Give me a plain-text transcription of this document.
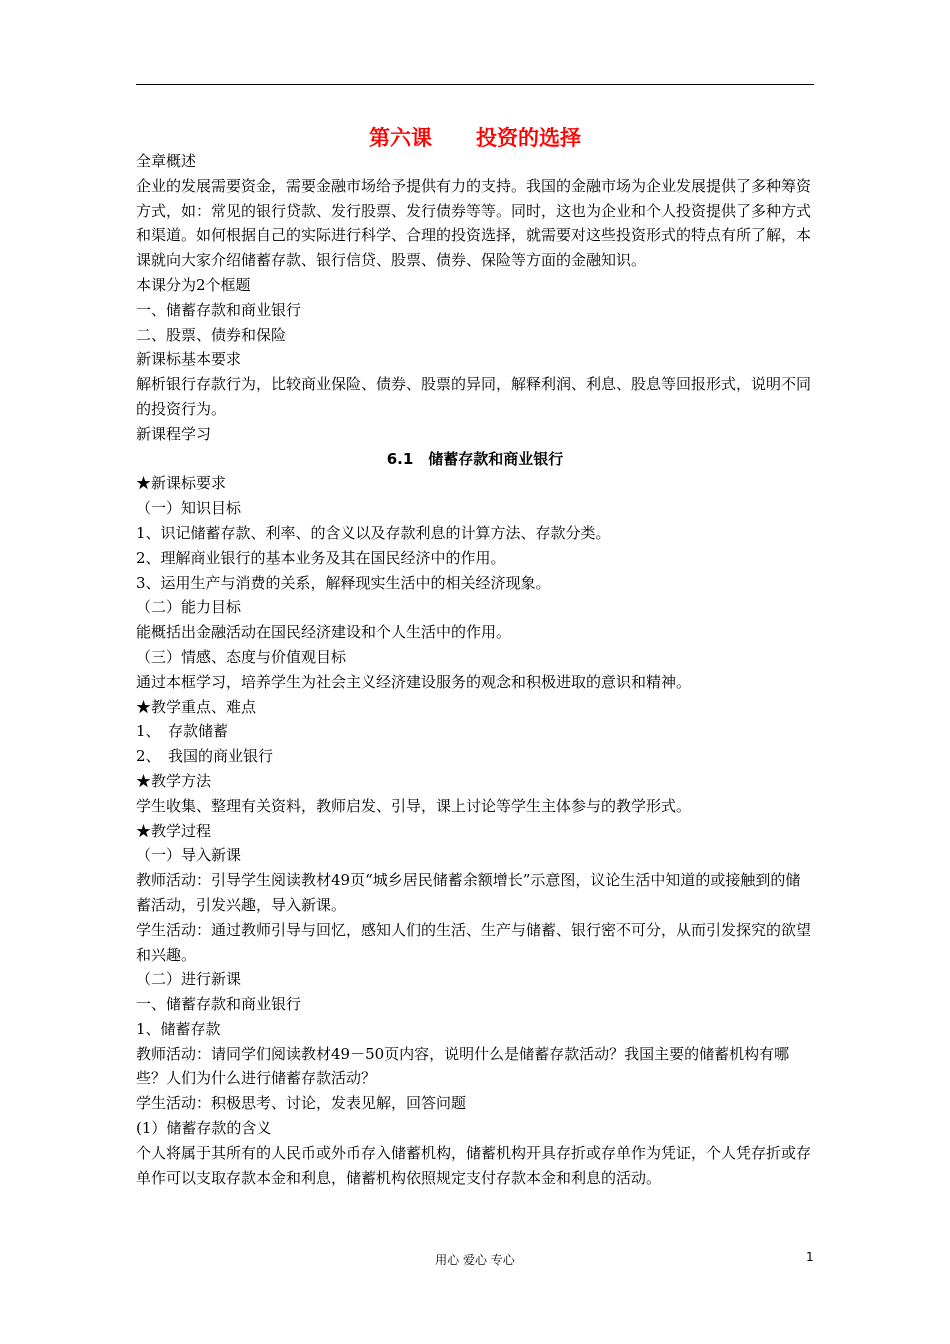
第六课 投资的选择

全章概述

企业的发展需要资金，需要金融市场给予提供有力的支持。我国的金融市场为企业发展提供了多种筹资方式，如：常见的银行贷款、发行股票、发行债券等等。同时，这也为企业和个人投资提供了多种方式和渠道。如何根据自己的实际进行科学、合理的投资选择，就需要对这些投资形式的特点有所了解，本课就向大家介绍储蓄存款、银行信贷、股票、债券、保险等方面的金融知识。

本课分为2个框题

一、储蓄存款和商业银行

二、股票、债券和保险

新课标基本要求

解析银行存款行为，比较商业保险、债券、股票的异同，解释利润、利息、股息等回报形式，说明不同的投资行为。

新课程学习

6.1　储蓄存款和商业银行

★新课标要求

（一）知识目标

1、识记储蓄存款、利率、的含义以及存款利息的计算方法、存款分类。

2、理解商业银行的基本业务及其在国民经济中的作用。

3、运用生产与消费的关系，解释现实生活中的相关经济现象。

（二）能力目标

能概括出金融活动在国民经济建设和个人生活中的作用。

（三）情感、态度与价值观目标

通过本框学习，培养学生为社会主义经济建设服务的观念和积极进取的意识和精神。

★教学重点、难点

1、　存款储蓄

2、　我国的商业银行

★教学方法

学生收集、整理有关资料，教师启发、引导，课上讨论等学生主体参与的教学形式。

★教学过程

（一）导入新课

教师活动：引导学生阅读教材49页“城乡居民储蓄余额增长”示意图，议论生活中知道的或接触到的储蓄活动，引发兴趣，导入新课。

学生活动：通过教师引导与回忆，感知人们的生活、生产与储蓄、银行密不可分，从而引发探究的欲望和兴趣。

（二）进行新课

一、储蓄存款和商业银行

1、储蓄存款

教师活动：请同学们阅读教材49－50页内容，说明什么是储蓄存款活动？我国主要的储蓄机构有哪些？人们为什么进行储蓄存款活动？

学生活动：积极思考、讨论，发表见解，回答问题

(1）储蓄存款的含义

个人将属于其所有的人民币或外币存入储蓄机构，储蓄机构开具存折或存单作为凭证，个人凭存折或存单作可以支取存款本金和利息，储蓄机构依照规定支付存款本金和利息的活动。

用心 爱心 专心	1
